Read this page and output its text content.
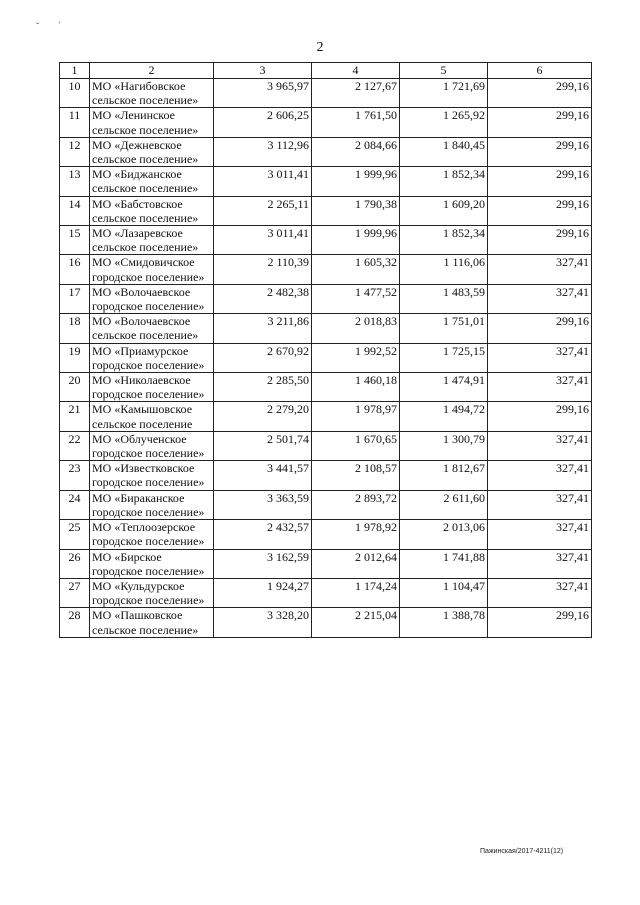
ˇ ʼ
2
1	2	3	4	5	6
10	МО «Нагибовское сельское поселение»	3 965,97	2 127,67	1 721,69	299,16
11	МО «Ленинское сельское поселение»	2 606,25	1 761,50	1 265,92	299,16
12	МО «Дежневское сельское поселение»	3 112,96	2 084,66	1 840,45	299,16
13	МО «Биджанское сельское поселение»	3 011,41	1 999,96	1 852,34	299,16
14	МО «Бабстовское сельское поселение»	2 265,11	1 790,38	1 609,20	299,16
15	МО «Лазаревское сельское поселение»	3 011,41	1 999,96	1 852,34	299,16
16	МО «Смидовичское городское поселение»	2 110,39	1 605,32	1 116,06	327,41
17	МО «Волочаевское городское поселение»	2 482,38	1 477,52	1 483,59	327,41
18	МО «Волочаевское сельское поселение»	3 211,86	2 018,83	1 751,01	299,16
19	МО «Приамурское городское поселение»	2 670,92	1 992,52	1 725,15	327,41
20	МО «Николаевское городское поселение»	2 285,50	1 460,18	1 474,91	327,41
21	МО «Камышовское сельское поселение	2 279,20	1 978,97	1 494,72	299,16
22	МО «Облученское городское поселение»	2 501,74	1 670,65	1 300,79	327,41
23	МО «Известковское городское поселение»	3 441,57	2 108,57	1 812,67	327,41
24	МО «Бираканское городское поселение»	3 363,59	2 893,72	2 611,60	327,41
25	МО «Теплоозерское городское поселение»	2 432,57	1 978,92	2 013,06	327,41
26	МО «Бирское городское поселение»	3 162,59	2 012,64	1 741,88	327,41
27	МО «Кульдурское городское поселение»	1 924,27	1 174,24	1 104,47	327,41
28	МО «Пашковское сельское поселение»	3 328,20	2 215,04	1 388,78	299,16
Пажинская/2017-4211(12)
